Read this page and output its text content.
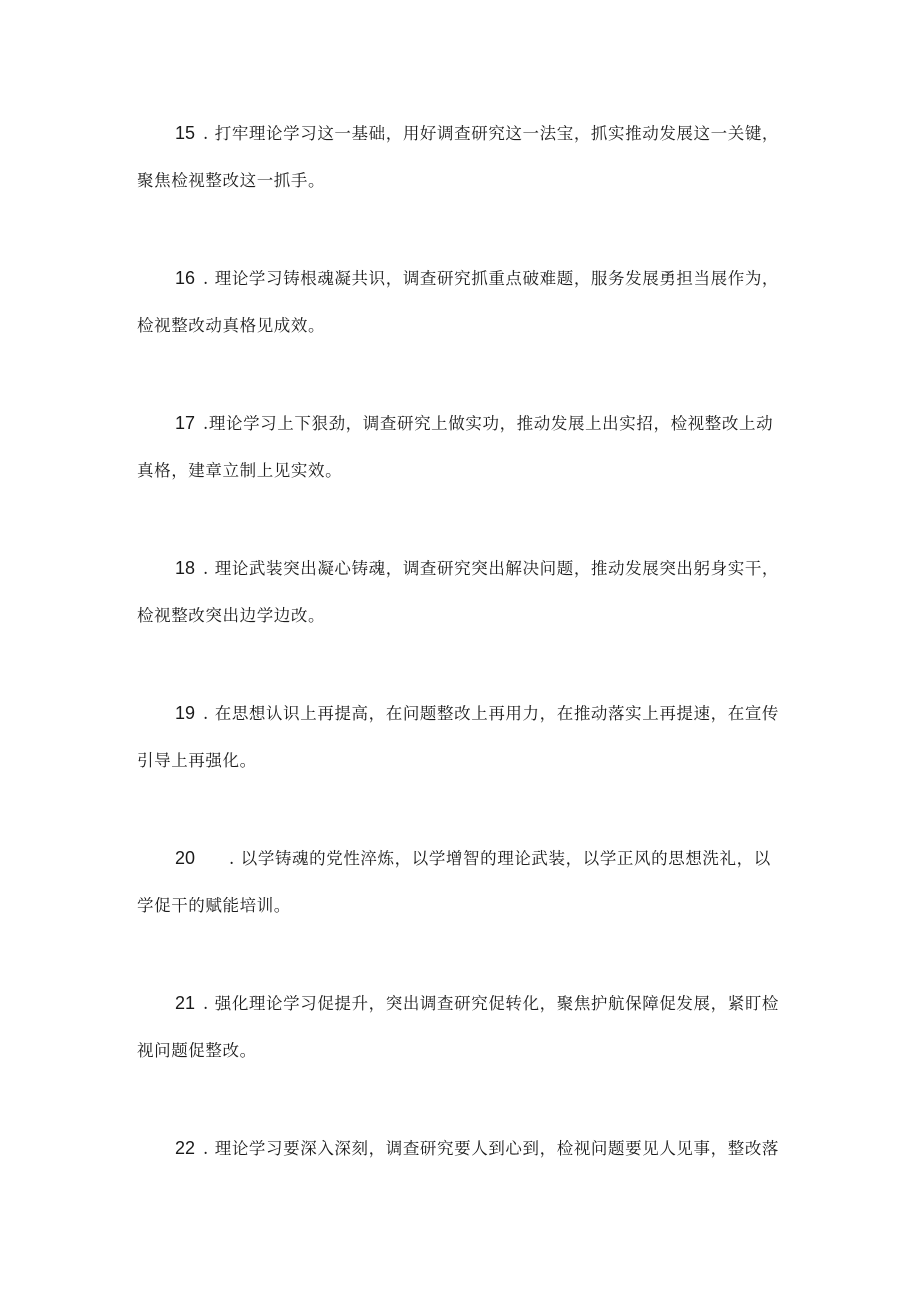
15 . 打牢理论学习这一基础，用好调查研究这一法宝，抓实推动发展这一关键，
聚焦检视整改这一抓手。
16 . 理论学习铸根魂凝共识，调查研究抓重点破难题，服务发展勇担当展作为，
检视整改动真格见成效。
17 .理论学习上下狠劲，调查研究上做实功，推动发展上出实招，检视整改上动
真格，建章立制上见实效。
18 . 理论武装突出凝心铸魂，调查研究突出解决问题，推动发展突出躬身实干，
检视整改突出边学边改。
19 . 在思想认识上再提高，在问题整改上再用力，在推动落实上再提速，在宣传
引导上再强化。
20 . 以学铸魂的党性淬炼，以学增智的理论武装，以学正风的思想洗礼，以
学促干的赋能培训。
21 . 强化理论学习促提升，突出调查研究促转化，聚焦护航保障促发展，紧盯检
视问题促整改。
22 . 理论学习要深入深刻，调查研究要人到心到，检视问题要见人见事，整改落
